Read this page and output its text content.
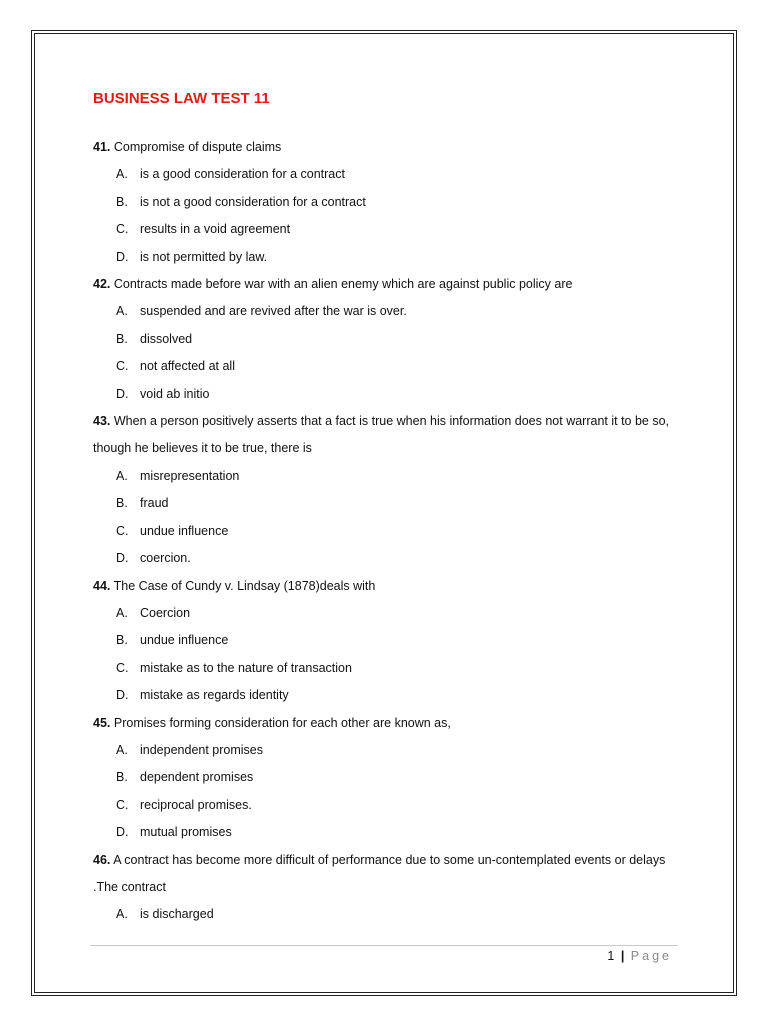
BUSINESS LAW TEST 11

41. Compromise of dispute claims

A. is a good consideration for a contract
B. is not a good consideration for a contract
C. results in a void agreement
D. is not permitted by law.

42. Contracts made before war with an alien enemy which are against public policy are

A. suspended and are revived after the war is over.
B. dissolved
C. not affected at all
D. void ab initio

43. When a person positively asserts that a fact is true when his information does not warrant it to be so, though he believes it to be true, there is

A. misrepresentation
B. fraud
C. undue influence
D. coercion.

44. The Case of Cundy v. Lindsay (1878)deals with

A. Coercion
B. undue influence
C. mistake as to the nature of transaction
D. mistake as regards identity

45. Promises forming consideration for each other are known as,

A. independent promises
B. dependent promises
C. reciprocal promises.
D. mutual promises

46. A contract has become more difficult of performance due to some un-contemplated events or delays .The contract

A. is discharged
1 | Page
